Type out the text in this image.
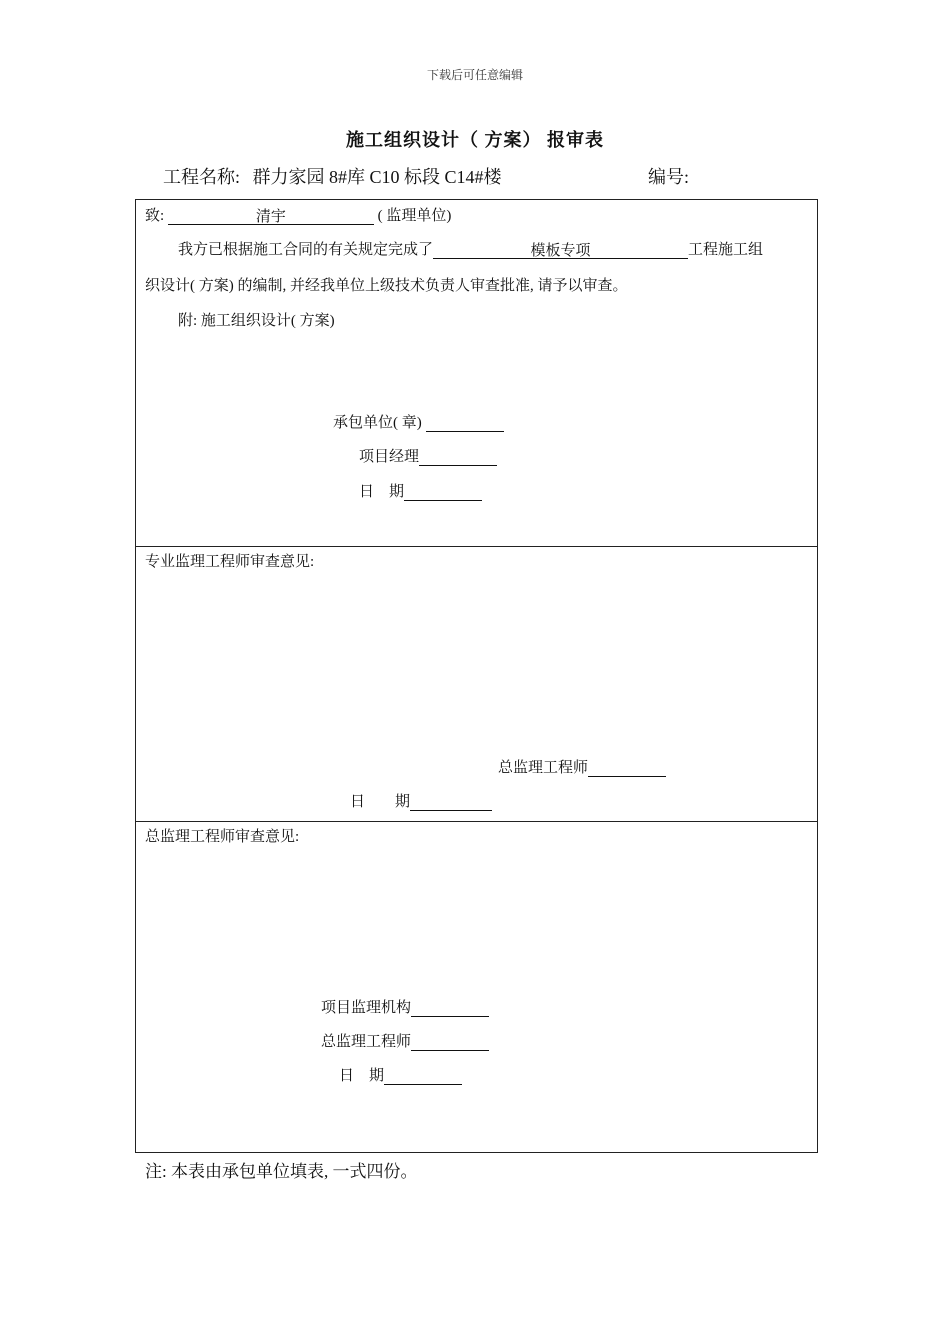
下载后可任意编辑
施工组织设计（ 方案） 报审表
工程名称: 群力家园 8#库 C10 标段 C14#楼	编号:
致:	清宇	( 监理单位)
我方已根据施工合同的有关规定完成了	模板专项	工程施工组
织设计( 方案) 的编制, 并经我单位上级技术负责人审查批准, 请予以审查。
附: 施工组织设计( 方案)
承包单位( 章)
项目经理
日　期
专业监理工程师审查意见:
总监理工程师
日　　期
总监理工程师审查意见:
项目监理机构
总监理工程师
日　期
注: 本表由承包单位填表, 一式四份。
